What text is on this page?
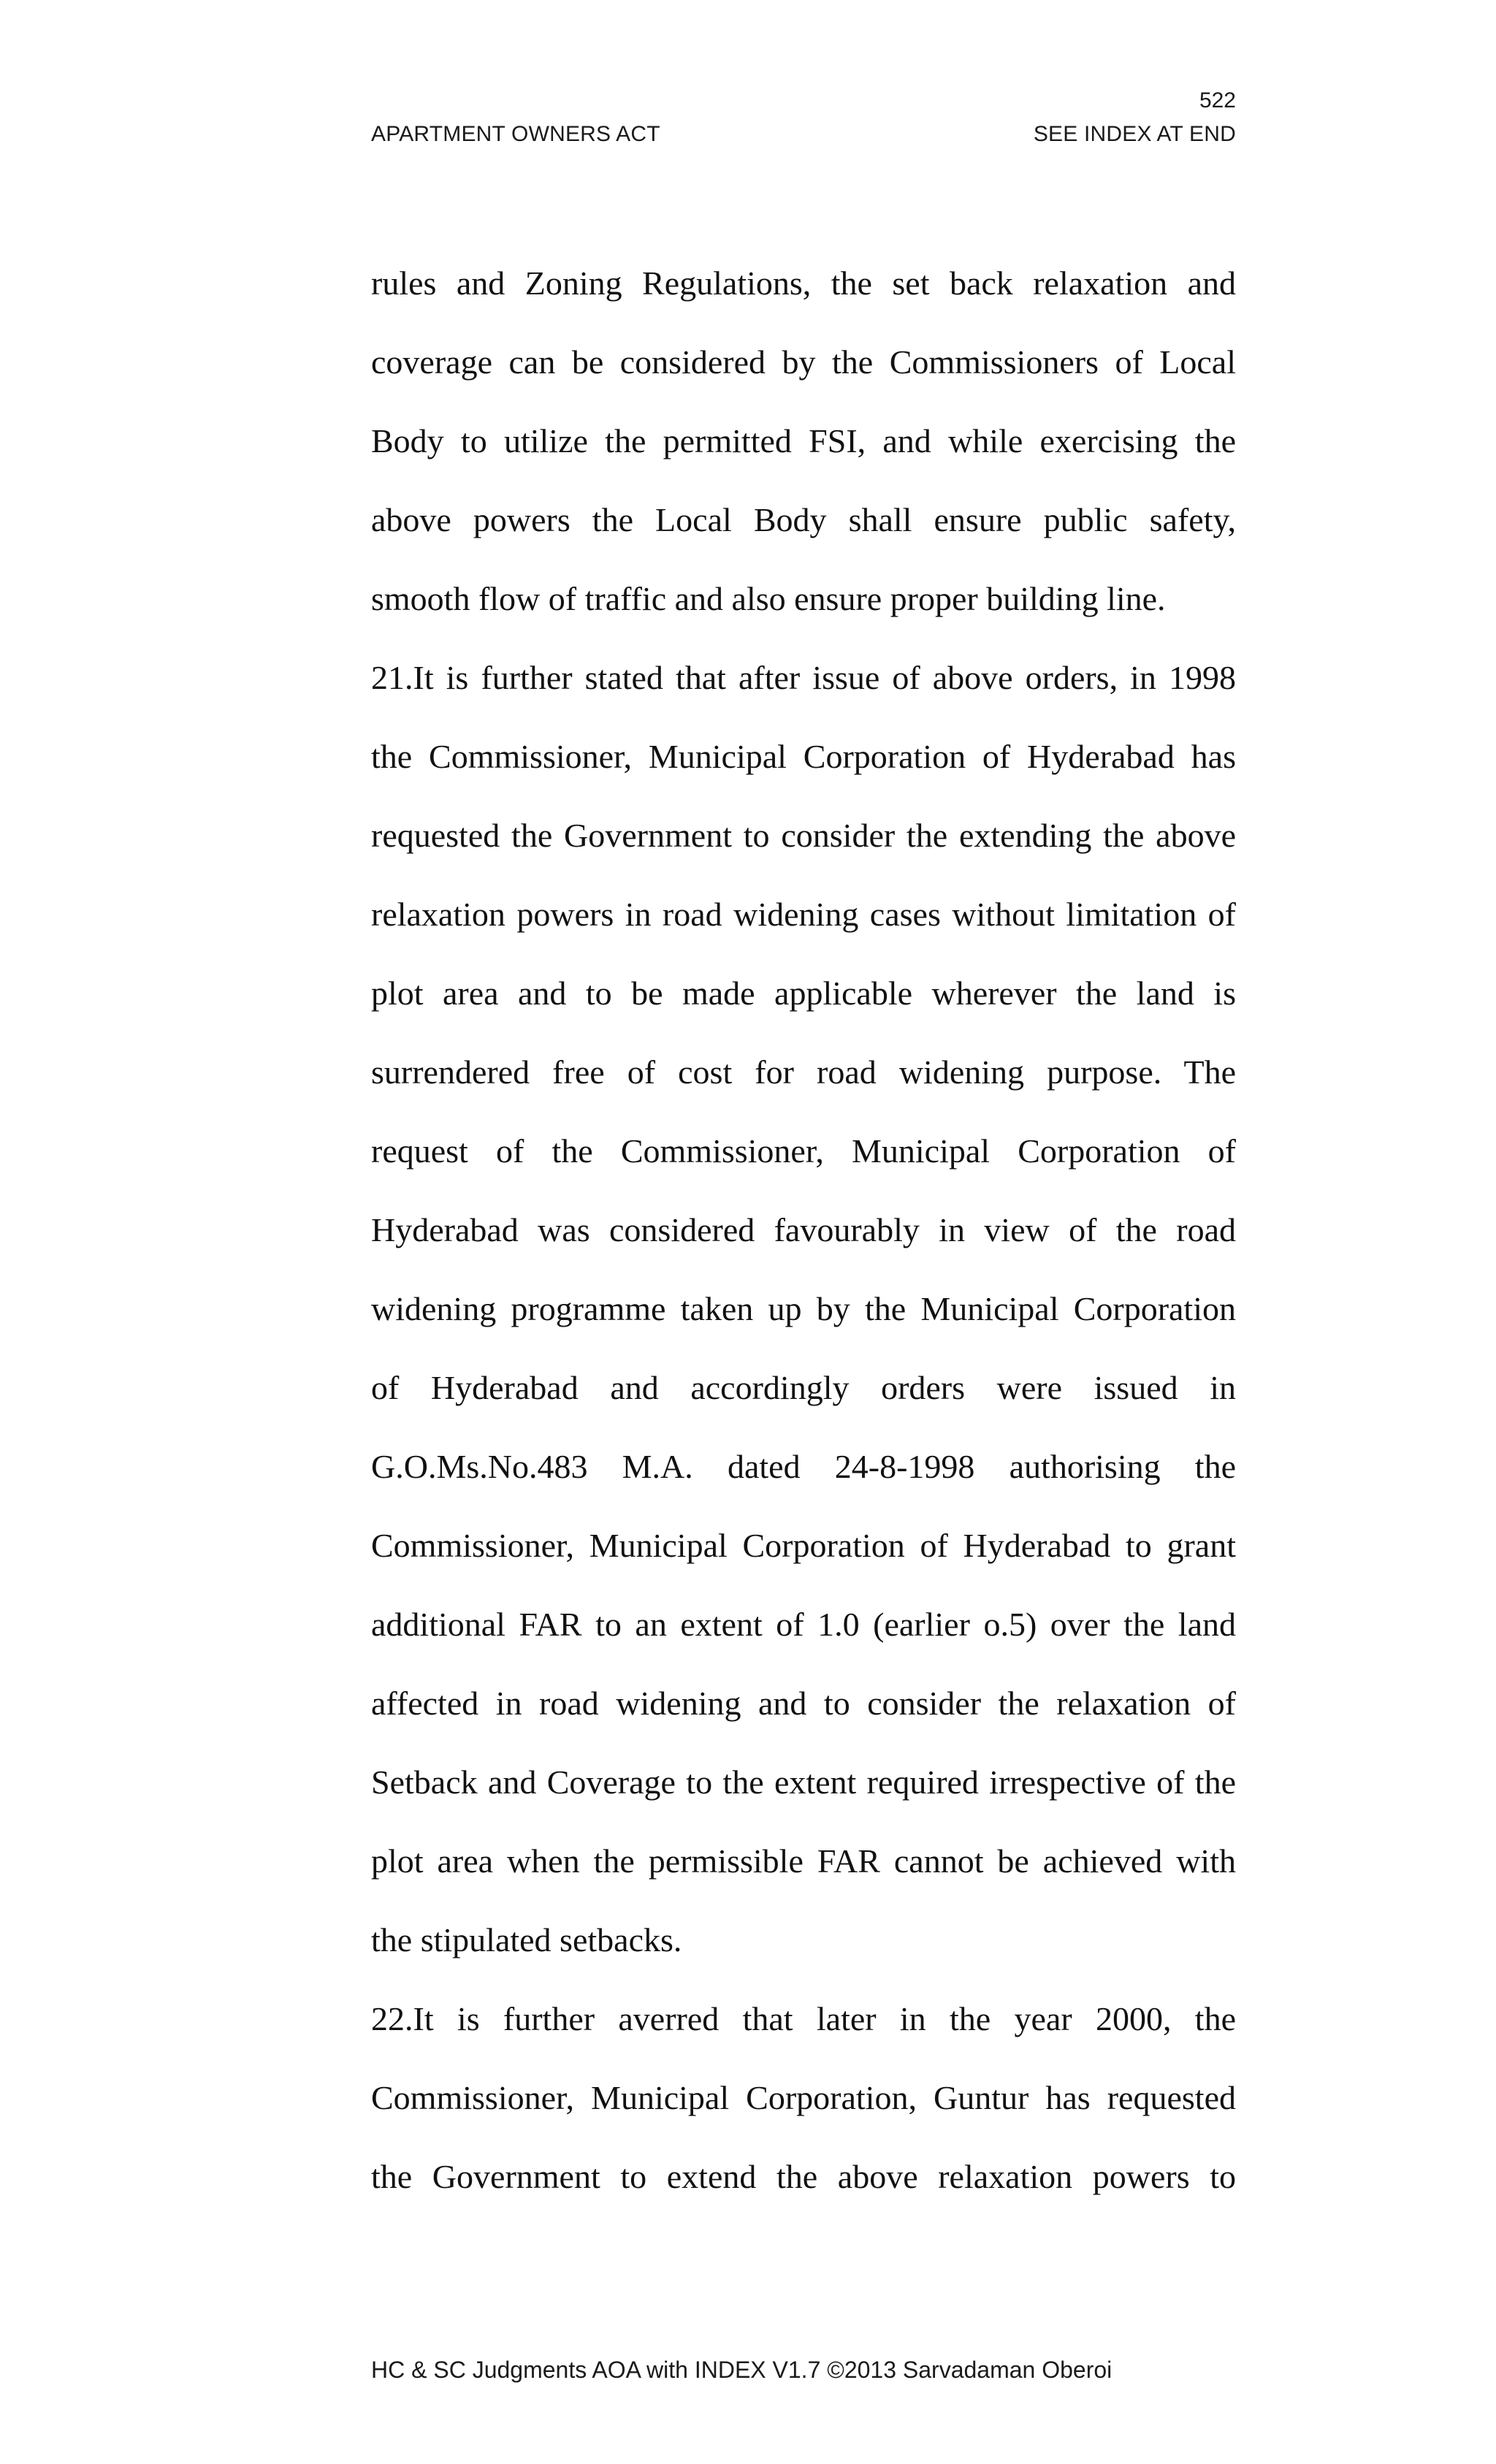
522
APARTMENT OWNERS ACT	SEE INDEX AT END
rules and Zoning Regulations, the set back relaxation and
coverage can be considered by the Commissioners of Local
Body to utilize the permitted FSI, and while exercising the
above powers the Local Body shall ensure public safety,
smooth flow of traffic and also ensure proper building line.
21.It is further stated that after issue of above orders, in 1998
the Commissioner, Municipal Corporation of Hyderabad has
requested the Government to consider the extending the above
relaxation powers in road widening cases without limitation of
plot area and to be made applicable wherever the land is
surrendered free of cost for road widening purpose. The
request of the Commissioner, Municipal Corporation of
Hyderabad was considered favourably in view of the road
widening programme taken up by the Municipal Corporation
of Hyderabad and accordingly orders were issued in
G.O.Ms.No.483 M.A. dated 24-8-1998 authorising the
Commissioner, Municipal Corporation of Hyderabad to grant
additional FAR to an extent of 1.0 (earlier o.5) over the land
affected in road widening and to consider the relaxation of
Setback and Coverage to the extent required irrespective of the
plot area when the permissible FAR cannot be achieved with
the stipulated setbacks.
22.It is further averred that later in the year 2000, the
Commissioner, Municipal Corporation, Guntur has requested
the Government to extend the above relaxation powers to
HC & SC Judgments AOA with INDEX V1.7 ©2013 Sarvadaman Oberoi
